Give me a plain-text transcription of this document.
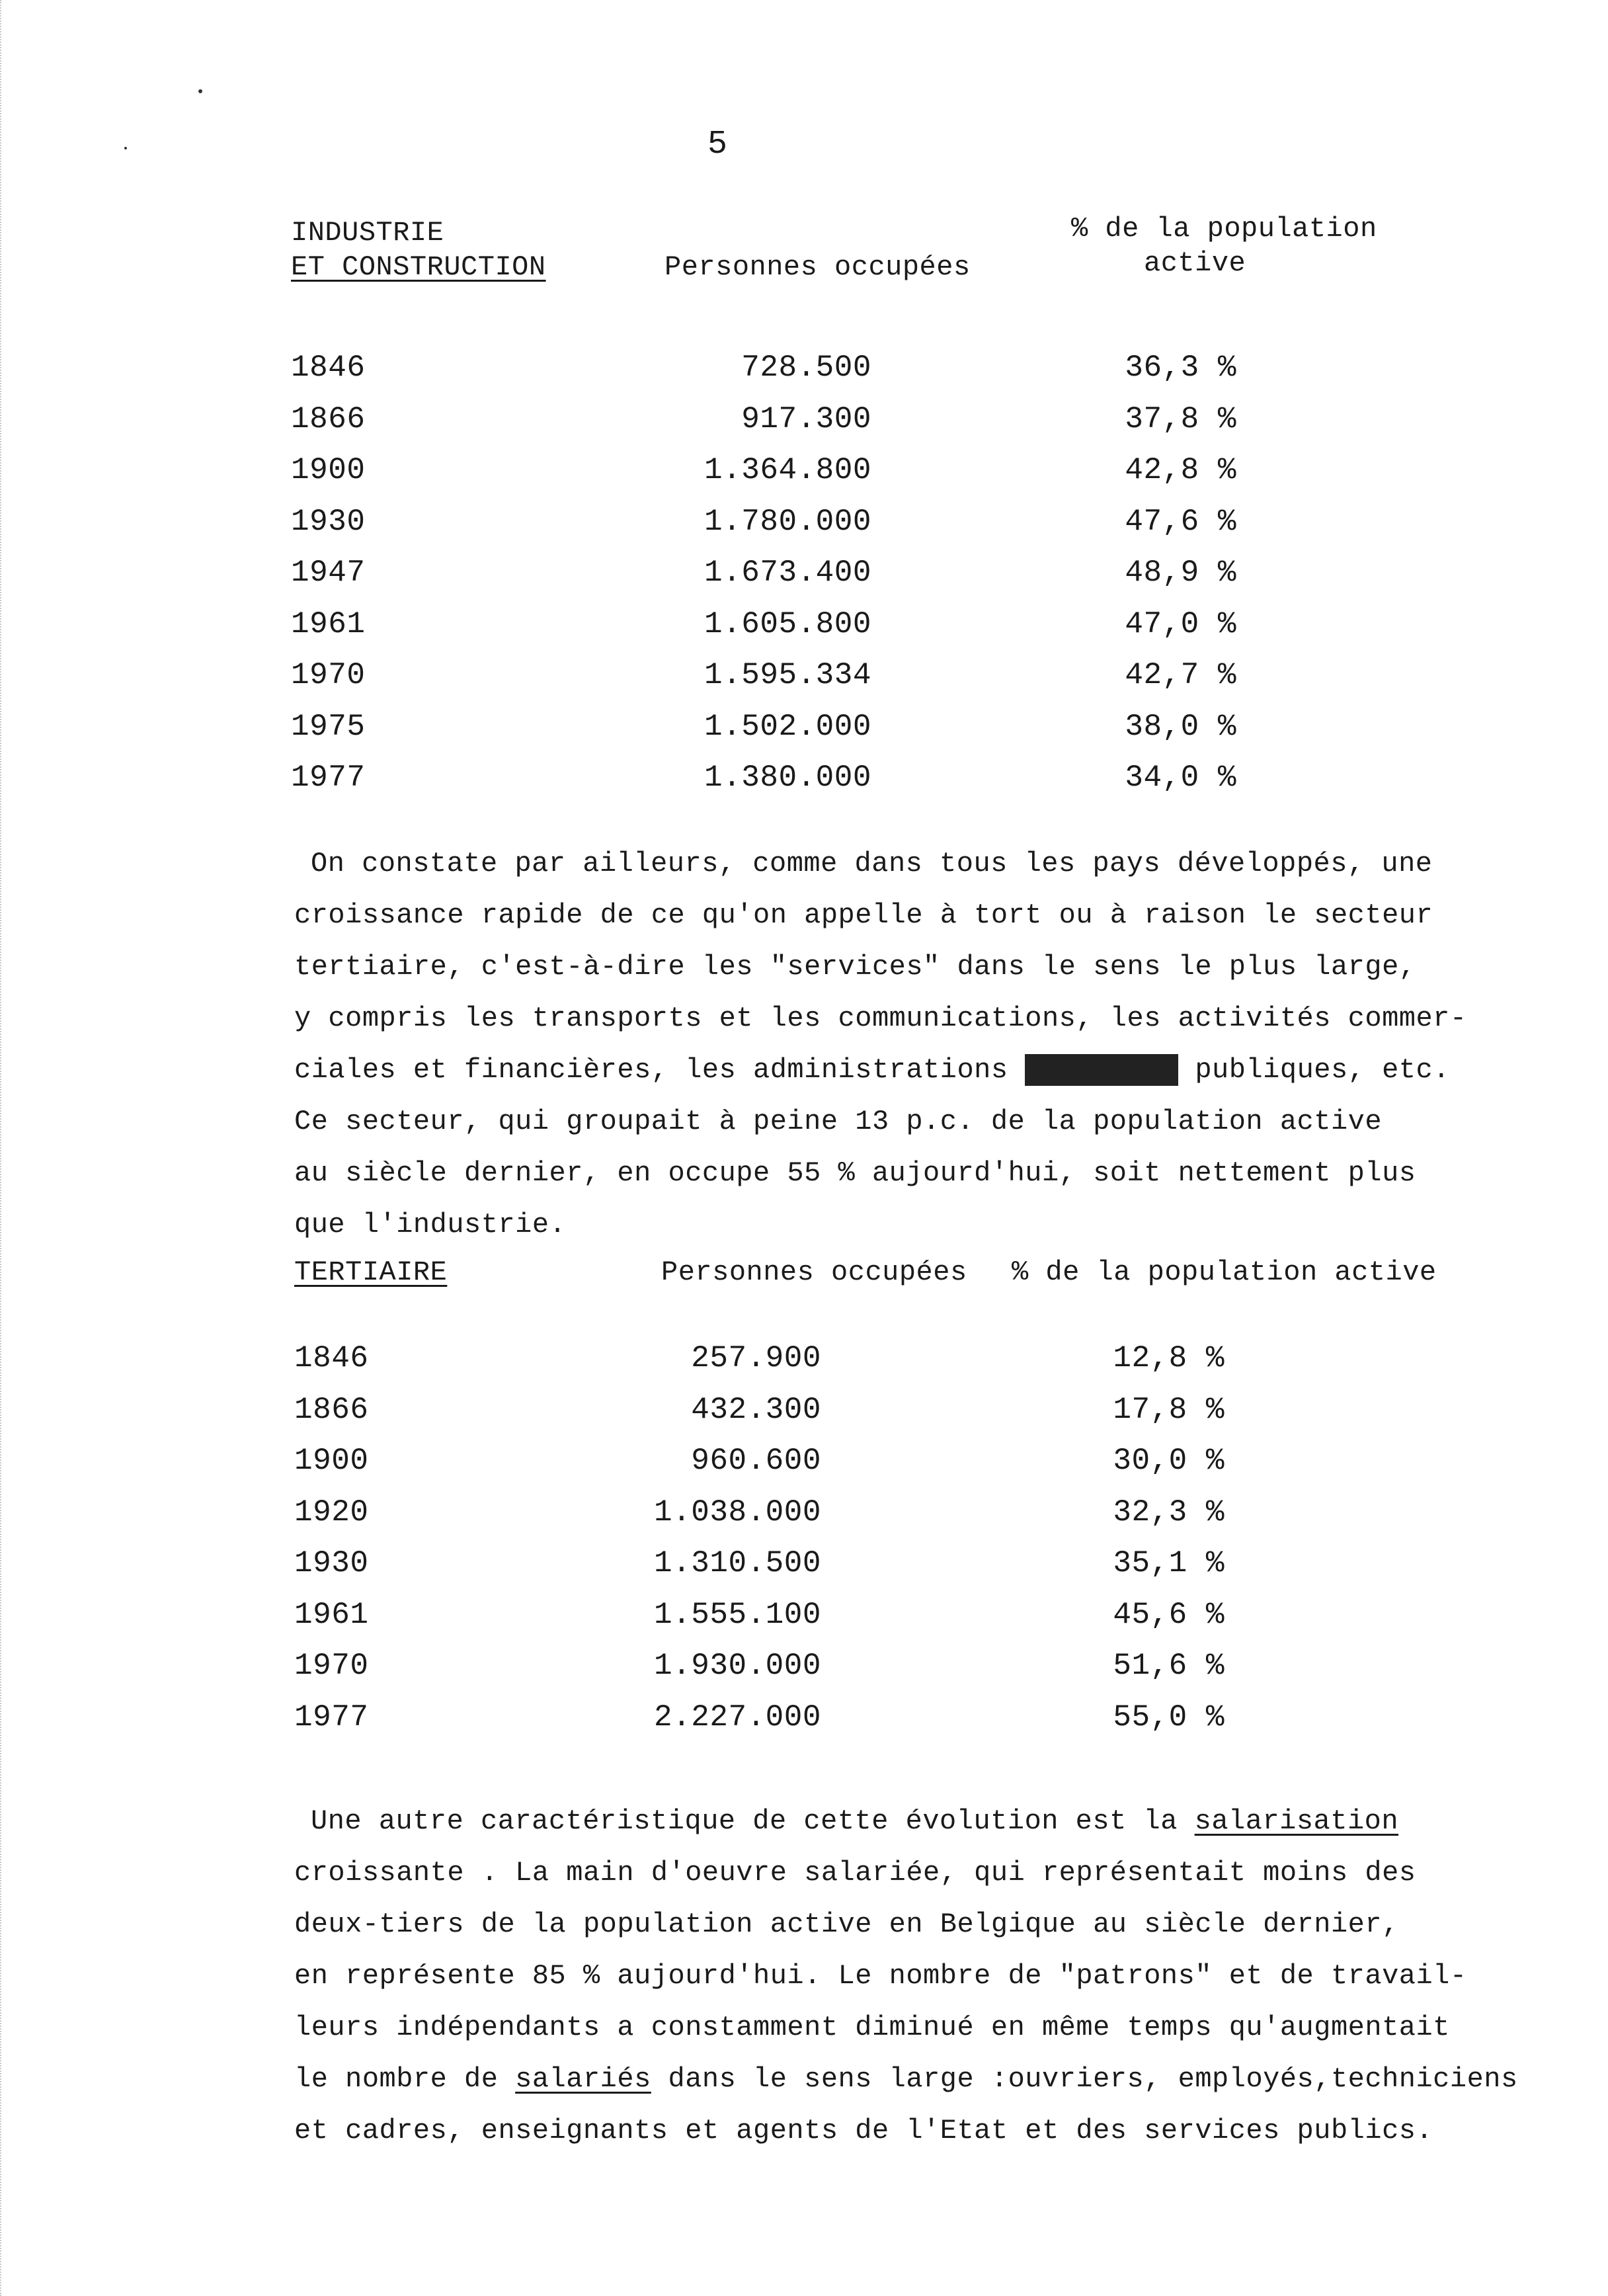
5
INDUSTRIE
ET CONSTRUCTION	Personnes occupées
% de la population
active
1846	728.500	36,3 %
1866	917.300	37,8 %
1900	1.364.800	42,8 %
1930	1.780.000	47,6 %
1947	1.673.400	48,9 %
1961	1.605.800	47,0 %
1970	1.595.334	42,7 %
1975	1.502.000	38,0 %
1977	1.380.000	34,0 %
On constate par ailleurs, comme dans tous les pays développés, une
croissance rapide de ce qu'on appelle à tort ou à raison le secteur
tertiaire, c'est-à-dire les "services" dans le sens le plus large,
y compris les transports et les communications, les activités commer-
ciales et financières, les administrations publiques publiques, etc.
Ce secteur, qui groupait à peine 13 p.c. de la population active
au siècle dernier, en occupe 55 % aujourd'hui, soit nettement plus
que l'industrie.
TERTIAIRE	Personnes occupées % de la population active
1846	257.900	12,8 %
1866	432.300	17,8 %
1900	960.600	30,0 %
1920	1.038.000	32,3 %
1930	1.310.500	35,1 %
1961	1.555.100	45,6 %
1970	1.930.000	51,6 %
1977	2.227.000	55,0 %
Une autre caractéristique de cette évolution est la salarisation
croissante . La main d'oeuvre salariée, qui représentait moins des
deux-tiers de la population active en Belgique au siècle dernier,
en représente 85 % aujourd'hui. Le nombre de "patrons" et de travail-
leurs indépendants a constamment diminué en même temps qu'augmentait
le nombre de salariés dans le sens large :ouvriers, employés,techniciens
et cadres, enseignants et agents de l'Etat et des services publics.
